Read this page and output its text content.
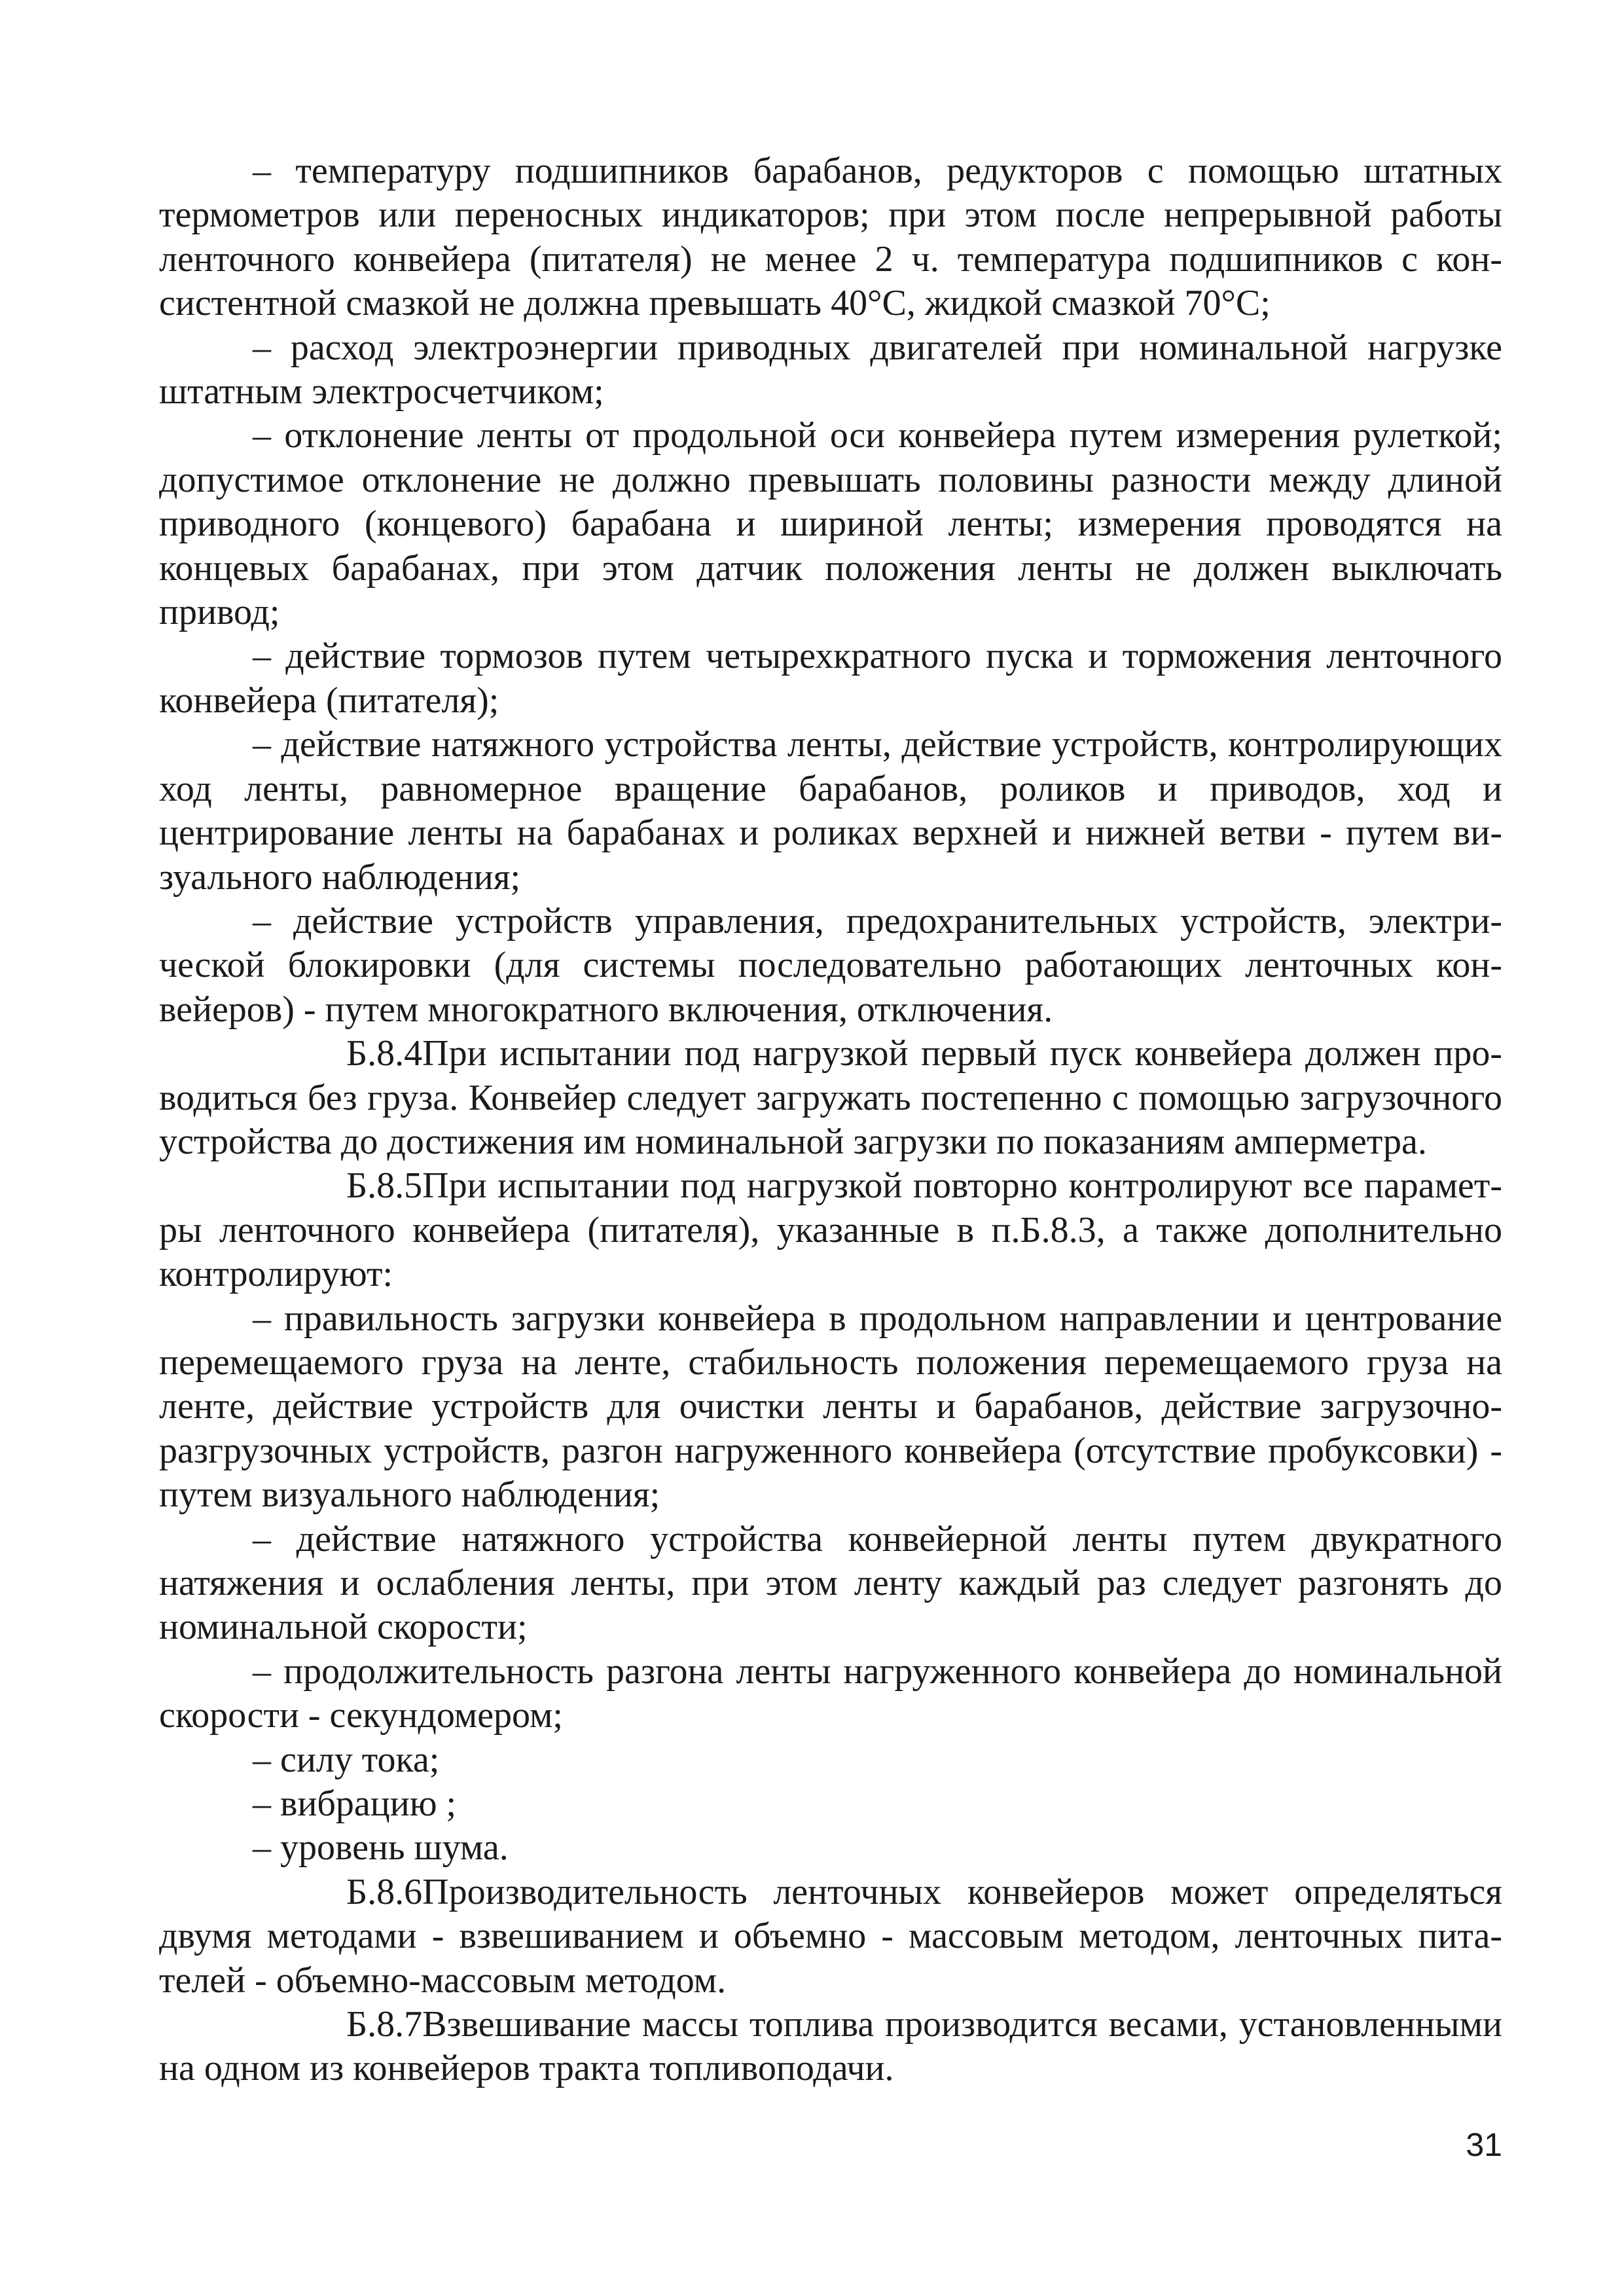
– температуру подшипников барабанов, редукторов с помощью штатных термометров или переносных индикаторов; при этом после непрерывной работы ленточного конвейера (питателя) не менее 2 ч. температура подшипников с консистентной смазкой не должна превышать 40°С, жидкой смазкой 70°С;

– расход электроэнергии приводных двигателей при номинальной нагрузке штатным электросчетчиком;

– отклонение ленты от продольной оси конвейера путем измерения рулеткой; допустимое отклонение не должно превышать половины разности между длиной приводного (концевого) барабана и шириной ленты; измерения проводятся на концевых барабанах, при этом датчик положения ленты не должен выключать привод;

– действие тормозов путем четырехкратного пуска и торможения ленточного конвейера (питателя);

– действие натяжного устройства ленты, действие устройств, контролирующих ход ленты, равномерное вращение барабанов, роликов и приводов, ход и центрирование ленты на барабанах и роликах верхней и нижней ветви - путем визуального наблюдения;

– действие устройств управления, предохранительных устройств, электрической блокировки (для системы последовательно работающих ленточных конвейеров) - путем многократного включения, отключения.

Б.8.4При испытании под нагрузкой первый пуск конвейера должен проводиться без груза. Конвейер следует загружать постепенно с помощью загрузочного устройства до достижения им номинальной загрузки по показаниям амперметра.

Б.8.5При испытании под нагрузкой повторно контролируют все параметры ленточного конвейера (питателя), указанные в п.Б.8.3, а также дополнительно контролируют:

– правильность загрузки конвейера в продольном направлении и центрование перемещаемого груза на ленте, стабильность положения перемещаемого груза на ленте, действие устройств для очистки ленты и барабанов, действие загрузочно-разгрузочных устройств, разгон нагруженного конвейера (отсутствие пробуксовки) - путем визуального наблюдения;

– действие натяжного устройства конвейерной ленты путем двукратного натяжения и ослабления ленты, при этом ленту каждый раз следует разгонять до номинальной скорости;

– продолжительность разгона ленты нагруженного конвейера до номинальной скорости - секундомером;

– силу тока;

– вибрацию ;

– уровень шума.

Б.8.6Производительность ленточных конвейеров может определяться двумя методами - взвешиванием и объемно - массовым методом, ленточных питателей - объемно-массовым методом.

Б.8.7Взвешивание массы топлива производится весами, установленными на одном из конвейеров тракта топливоподачи.

31
